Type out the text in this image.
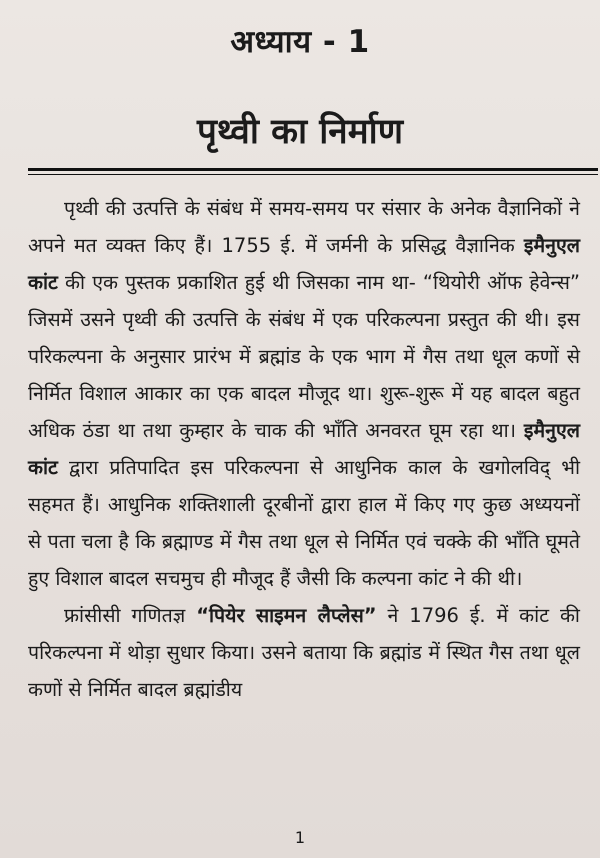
अध्याय - 1
पृथ्वी का निर्माण

पृथ्वी की उत्पत्ति के संबंध में समय-समय पर संसार के अनेक वैज्ञानिकों ने अपने मत व्यक्त किए हैं। 1755 ई. में जर्मनी के प्रसिद्ध वैज्ञानिक इमैनुएल कांट की एक पुस्तक प्रकाशित हुई थी जिसका नाम था- “थियोरी ऑफ हेवेन्स” जिसमें उसने पृथ्वी की उत्पत्ति के संबंध में एक परिकल्पना प्रस्तुत की थी। इस परिकल्पना के अनुसार प्रारंभ में ब्रह्मांड के एक भाग में गैस तथा धूल कणों से निर्मित विशाल आकार का एक बादल मौजूद था। शुरू-शुरू में यह बादल बहुत अधिक ठंडा था तथा कुम्हार के चाक की भाँति अनवरत घूम रहा था। इमैनुएल कांट द्वारा प्रतिपादित इस परिकल्पना से आधुनिक काल के खगोलविद् भी सहमत हैं। आधुनिक शक्तिशाली दूरबीनों द्वारा हाल में किए गए कुछ अध्ययनों से पता चला है कि ब्रह्माण्ड में गैस तथा धूल से निर्मित एवं चक्के की भाँति घूमते हुए विशाल बादल सचमुच ही मौजूद हैं जैसी कि कल्पना कांट ने की थी।

फ्रांसीसी गणितज्ञ “पियेर साइमन लैप्लेस” ने 1796 ई. में कांट की परिकल्पना में थोड़ा सुधार किया। उसने बताया कि ब्रह्मांड में स्थित गैस तथा धूल कणों से निर्मित बादल ब्रह्मांडीय

1
